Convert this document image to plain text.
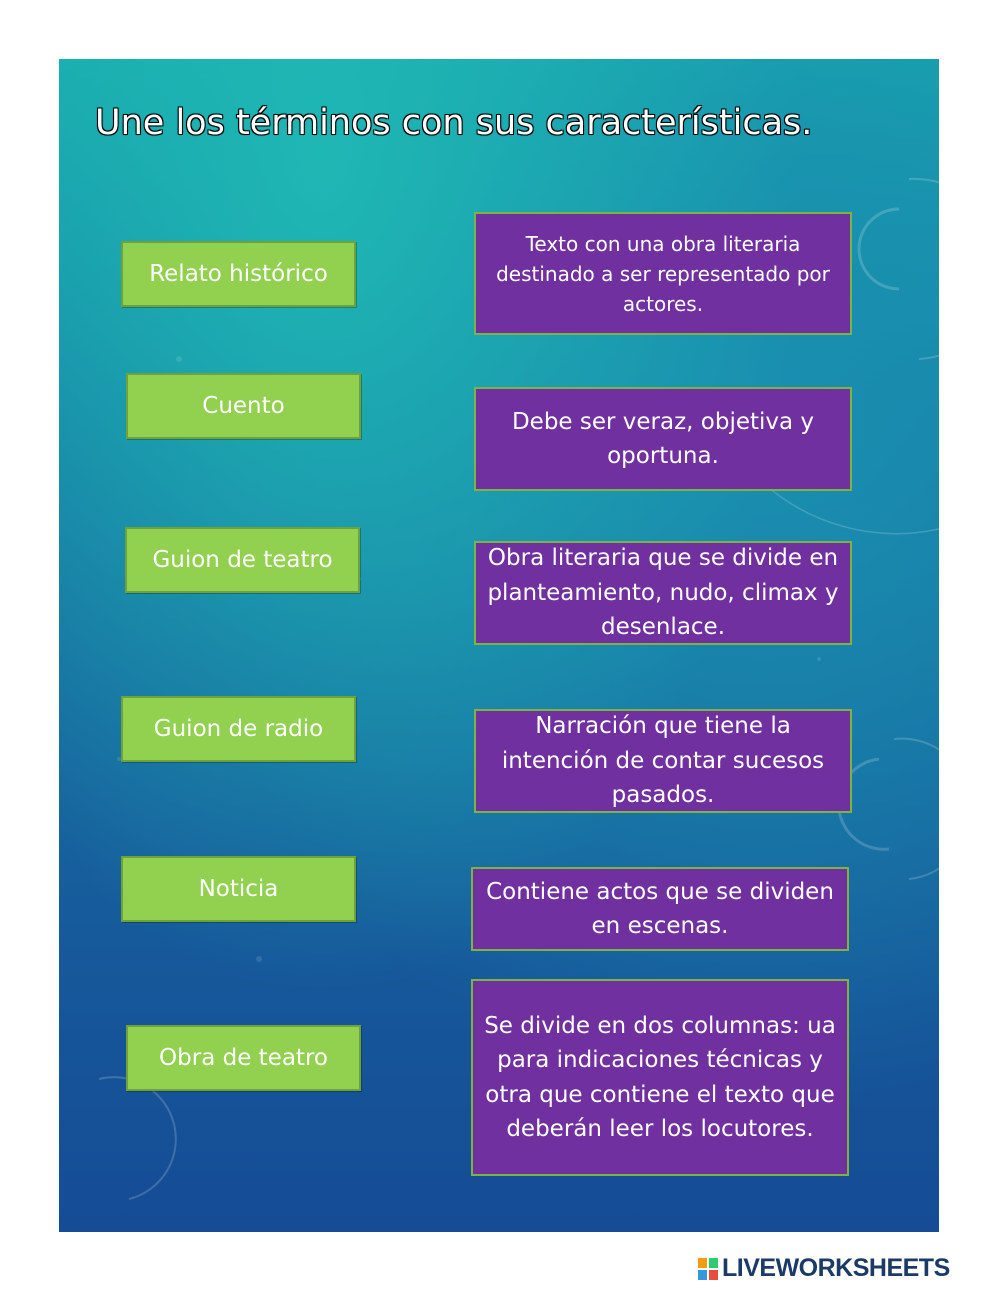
Une los términos con sus características.
Relato histórico
Cuento
Guion de teatro
Guion de radio
Noticia
Obra de teatro
Texto con una obra literaria destinado a ser representado por actores.
Debe ser veraz, objetiva y oportuna.
Obra literaria que se divide en planteamiento, nudo, climax y desenlace.
Narración que tiene la intención de contar sucesos pasados.
Contiene actos que se dividen en escenas.
Se divide en dos columnas: ua para indicaciones técnicas y otra que contiene el texto que deberán leer los locutores.
LIVEWORKSHEETS
